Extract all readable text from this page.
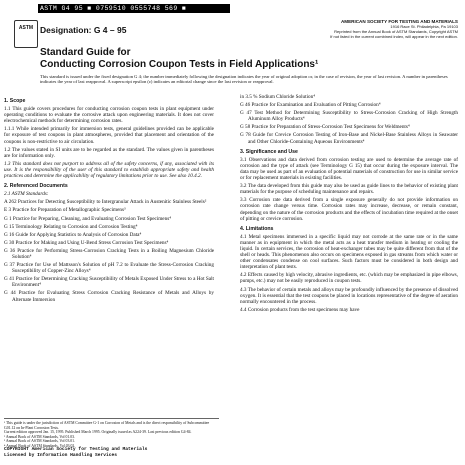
ASTM G4 95 ■ 0759510 0555748 569 ■
ASTM Designation: G 4 – 95
AMERICAN SOCIETY FOR TESTING AND MATERIALS
1916 Race St. Philadelphia, Pa 19103
Reprinted from the Annual Book of ASTM Standards, Copyright ASTM
If not listed in the current combined index, will appear in the next edition.
Standard Guide for
Conducting Corrosion Coupon Tests in Field Applications¹
This standard is issued under the fixed designation G 4; the number immediately following the designation indicates the year of original adoption or, in the case of revision, the year of last revision. A number in parentheses indicates the year of last reapproval. A superscript epsilon (ε) indicates an editorial change since the last revision or reapproval.
1. Scope

1.1 This guide covers procedures for conducting corrosion coupon tests in plant equipment under operating conditions to evaluate the corrosive attack upon engineering materials. It does not cover electrochemical methods for determining corrosion rates.

1.1.1 While intended primarily for immersion tests, general guidelines provided can be applicable for exposure of test coupons in plant atmospheres, provided that placement and orientation of the coupons is non-restrictive to air circulation.

1.2 The values stated in SI units are to be regarded as the standard. The values given in parentheses are for information only.

1.3 This standard does not purport to address all of the safety concerns, if any, associated with its use. It is the responsibility of the user of this standard to establish appropriate safety and health practices and determine the applicability of regulatory limitations prior to use. See also 10.4.2.

2. Referenced Documents

2.1 ASTM Standards:

A 262 Practices for Detecting Susceptibility to Intergranular Attack in Austenitic Stainless Steels²

E 3 Practice for Preparation of Metallographic Specimens³

G 1 Practice for Preparing, Cleaning, and Evaluating Corrosion Test Specimens⁴

G 15 Terminology Relating to Corrosion and Corrosion Testing⁴

G 16 Guide for Applying Statistics to Analysis of Corrosion Data⁴

G 30 Practice for Making and Using U-Bend Stress Corrosion Test Specimens⁴

G 36 Practice for Performing Stress-Corrosion Cracking Tests in a Boiling Magnesium Chloride Solution⁴

G 37 Practice for Use of Mattsson's Solution of pH 7.2 to Evaluate the Stress-Corrosion Cracking Susceptibility of Copper-Zinc Alloys⁴

G 41 Practice for Determining Cracking Susceptibility of Metals Exposed Under Stress to a Hot Salt Environment⁴

G 44 Practice for Evaluating Stress Corrosion Cracking Resistance of Metals and Alloys by Alternate Immersion

¹ This guide is under the jurisdiction of ASTM Committee G-1 on Corrosion of Metals and is the direct responsibility of Subcommittee G01.12 on In-Plant Corrosion Tests.
Current edition approved Jan. 15, 1995. Published March 1995. Originally issued as A224-39. Last previous edition G4-84.
² Annual Book of ASTM Standards, Vol 01.03.
³ Annual Book of ASTM Standards, Vol 03.01.
⁴ Annual Book of ASTM Standards, Vol 03.02.

in 3.5 % Sodium Chloride Solution⁴

G 46 Practice for Examination and Evaluation of Pitting Corrosion⁴

G 47 Test Method for Determining Susceptibility to Stress-Corrosion Cracking of High Strength Aluminum Alloy Products⁴

G 58 Practice for Preparation of Stress-Corrosion Test Specimens for Weldments⁴

G 78 Guide for Crevice Corrosion Testing of Iron-Base and Nickel-Base Stainless Alloys in Seawater and Other Chloride-Containing Aqueous Environments⁴

3. Significance and Use

3.1 Observations and data derived from corrosion testing are used to determine the average rate of corrosion and the type of attack (see Terminology G 15) that occur during the exposure interval. The data may be used as part of an evaluation of potential materials of construction for use in similar service or for replacement materials in existing facilities.

3.2 The data developed from this guide may also be used as guide lines to the behavior of existing plant materials for the purpose of scheduling maintenance and repairs.

3.3 Corrosion rate data derived from a single exposure generally do not provide information on corrosion rate change versus time. Corrosion rates may increase, decrease, or remain constant, depending on the nature of the corrosion products and the effects of incubation time required at the onset of pitting or crevice corrosion.

4. Limitations

4.1 Metal specimens immersed in a specific liquid may not corrode at the same rate or in the same manner as in equipment in which the metal acts as a heat transfer medium in heating or cooling the liquid. In certain services, the corrosion of heat-exchanger tubes may be quite different from that of the shell or heads. This phenomenon also occurs on specimens exposed in gas streams from which water or other condensates condense on cool surfaces. Such factors must be considered in both design and interpretation of plant tests.

4.2 Effects caused by high velocity, abrasive ingredients, etc. (which may be emphasized in pipe elbows, pumps, etc.) may not be easily reproduced in coupon tests.

4.3 The behavior of certain metals and alloys may be profoundly influenced by the presence of dissolved oxygen. It is essential that the test coupons be placed in locations representative of the degree of aeration normally encountered in the process.

4.4 Corrosion products from the test specimens may have

COPYRIGHT American Society for Testing and Materials
Licensed by Information Handling Services
